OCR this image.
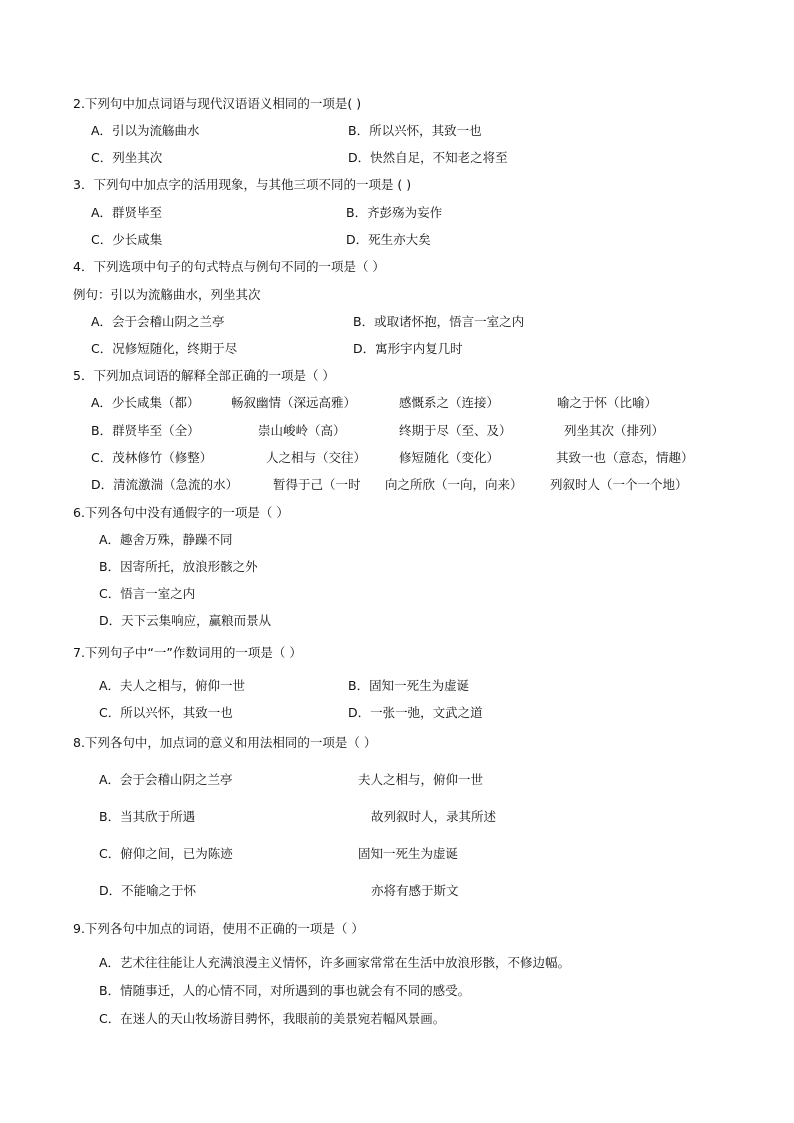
2.下列句中加点词语与现代汉语语义相同的一项是( )
A．引以为流觞曲水	B．所以兴怀，其致一也
C．列坐其次	D．快然自足，不知老之将至
3．下列句中加点字的活用现象，与其他三项不同的一项是 ( )
A．群贤毕至	B．齐彭殇为妄作
C．少长咸集	D．死生亦大矣
4．下列选项中句子的句式特点与例句不同的一项是（ ）
例句：引以为流觞曲水，列坐其次
A．会于会稽山阴之兰亭	B．或取诸怀抱，悟言一室之内
C．况修短随化，终期于尽	D．寓形宇内复几时
5．下列加点词语的解释全部正确的一项是（ ）
A．少长咸集（都）	畅叙幽情（深远高雅）	感慨系之（连接）	喻之于怀（比喻）
B．群贤毕至（全）	崇山峻岭（高）	终期于尽（至、及）	列坐其次（排列）
C．茂林修竹（修整）	人之相与（交往）	修短随化（变化）	其致一也（意态，情趣）
D．清流激湍（急流的水）	暂得于己（一时 向之所欣（一向，向来） 列叙时人（一个一个地）
6.下列各句中没有通假字的一项是（ ）
A．趣舍万殊，静躁不同
B．因寄所托，放浪形骸之外
C．悟言一室之内
D．天下云集响应，赢粮而景从
7.下列句子中“一”作数词用的一项是（ ）
A．夫人之相与，俯仰一世	B．固知一死生为虚诞
C．所以兴怀，其致一也	D．一张一弛，文武之道
8.下列各句中，加点词的意义和用法相同的一项是（ ）
A．会于会稽山阴之兰亭	夫人之相与，俯仰一世
B．当其欣于所遇	故列叙时人，录其所述
C．俯仰之间，已为陈迹	固知一死生为虚诞
D．不能喻之于怀	亦将有感于斯文
9.下列各句中加点的词语，使用不正确的一项是（ ）
A．艺术往往能让人充满浪漫主义情怀，许多画家常常在生活中放浪形骸，不修边幅。
B．情随事迁，人的心情不同，对所遇到的事也就会有不同的感受。
C．在迷人的天山牧场游目骋怀，我眼前的美景宛若幅风景画。
